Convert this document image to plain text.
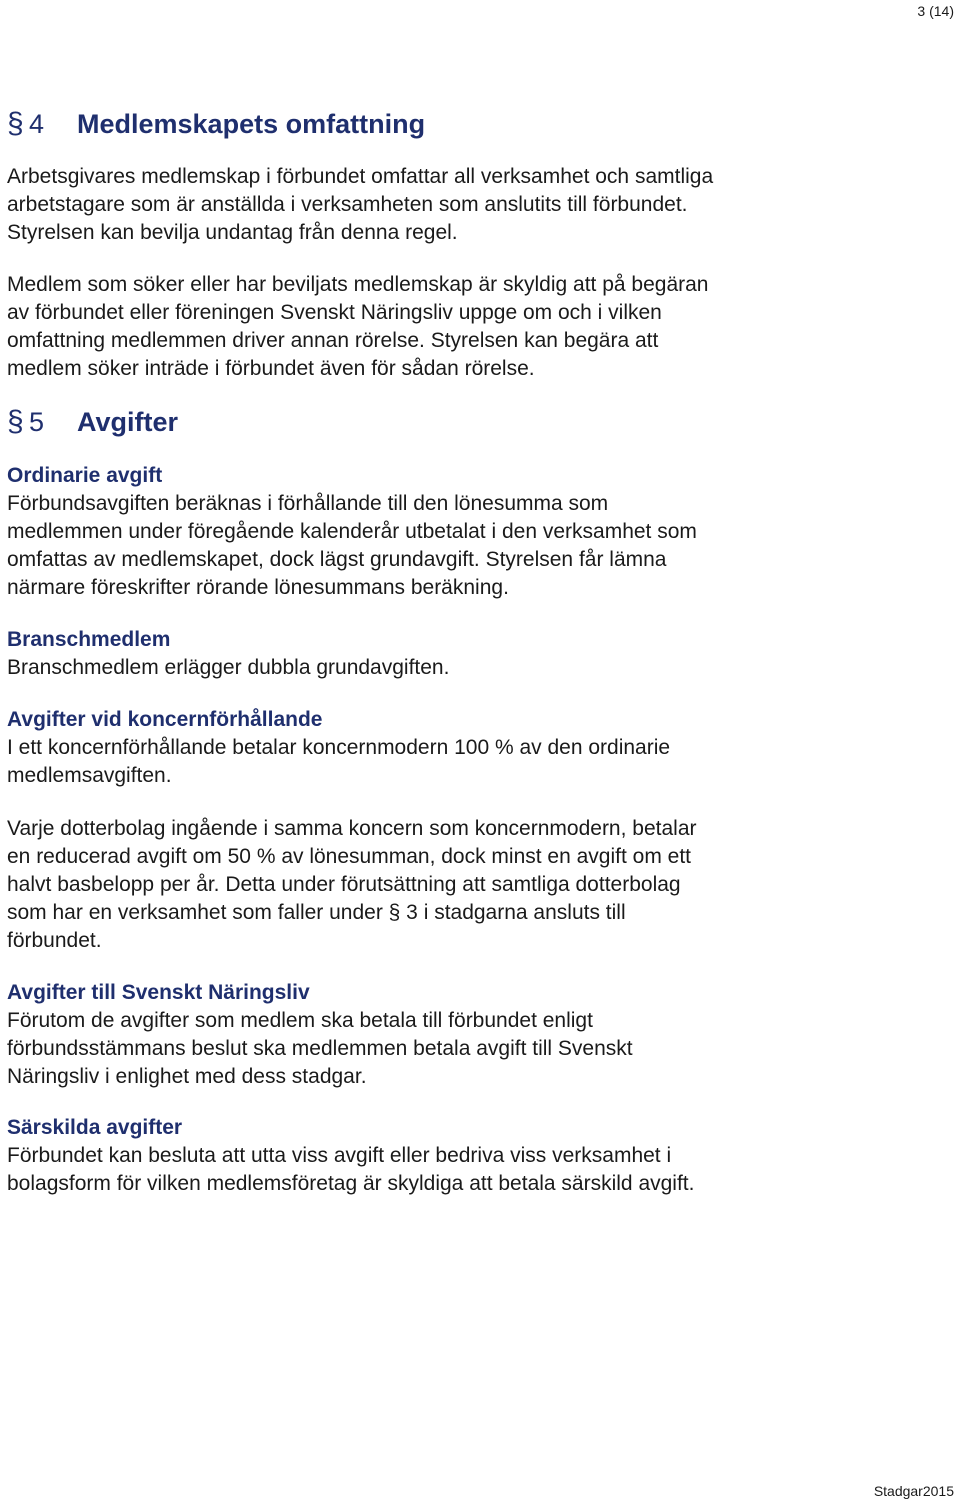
3 (14)
§ 4	Medlemskapets omfattning

Arbetsgivares medlemskap i förbundet omfattar all verksamhet och samtliga
arbetstagare som är anställda i verksamheten som anslutits till förbundet.
Styrelsen kan bevilja undantag från denna regel.

Medlem som söker eller har beviljats medlemskap är skyldig att på begäran
av förbundet eller föreningen Svenskt Näringsliv uppge om och i vilken
omfattning medlemmen driver annan rörelse. Styrelsen kan begära att
medlem söker inträde i förbundet även för sådan rörelse.

§ 5	Avgifter

Ordinarie avgift

Förbundsavgiften beräknas i förhållande till den lönesumma som
medlemmen under föregående kalenderår utbetalat i den verksamhet som
omfattas av medlemskapet, dock lägst grundavgift. Styrelsen får lämna
närmare föreskrifter rörande lönesummans beräkning.

Branschmedlem

Branschmedlem erlägger dubbla grundavgiften.

Avgifter vid koncernförhållande

I ett koncernförhållande betalar koncernmodern 100 % av den ordinarie
medlemsavgiften.

Varje dotterbolag ingående i samma koncern som koncernmodern, betalar
en reducerad avgift om 50 % av lönesumman, dock minst en avgift om ett
halvt basbelopp per år. Detta under förutsättning att samtliga dotterbolag
som har en verksamhet som faller under § 3 i stadgarna ansluts till
förbundet.

Avgifter till Svenskt Näringsliv

Förutom de avgifter som medlem ska betala till förbundet enligt
förbundsstämmans beslut ska medlemmen betala avgift till Svenskt
Näringsliv i enlighet med dess stadgar.

Särskilda avgifter

Förbundet kan besluta att utta viss avgift eller bedriva viss verksamhet i
bolagsform för vilken medlemsföretag är skyldiga att betala särskild avgift.

Stadgar2015
